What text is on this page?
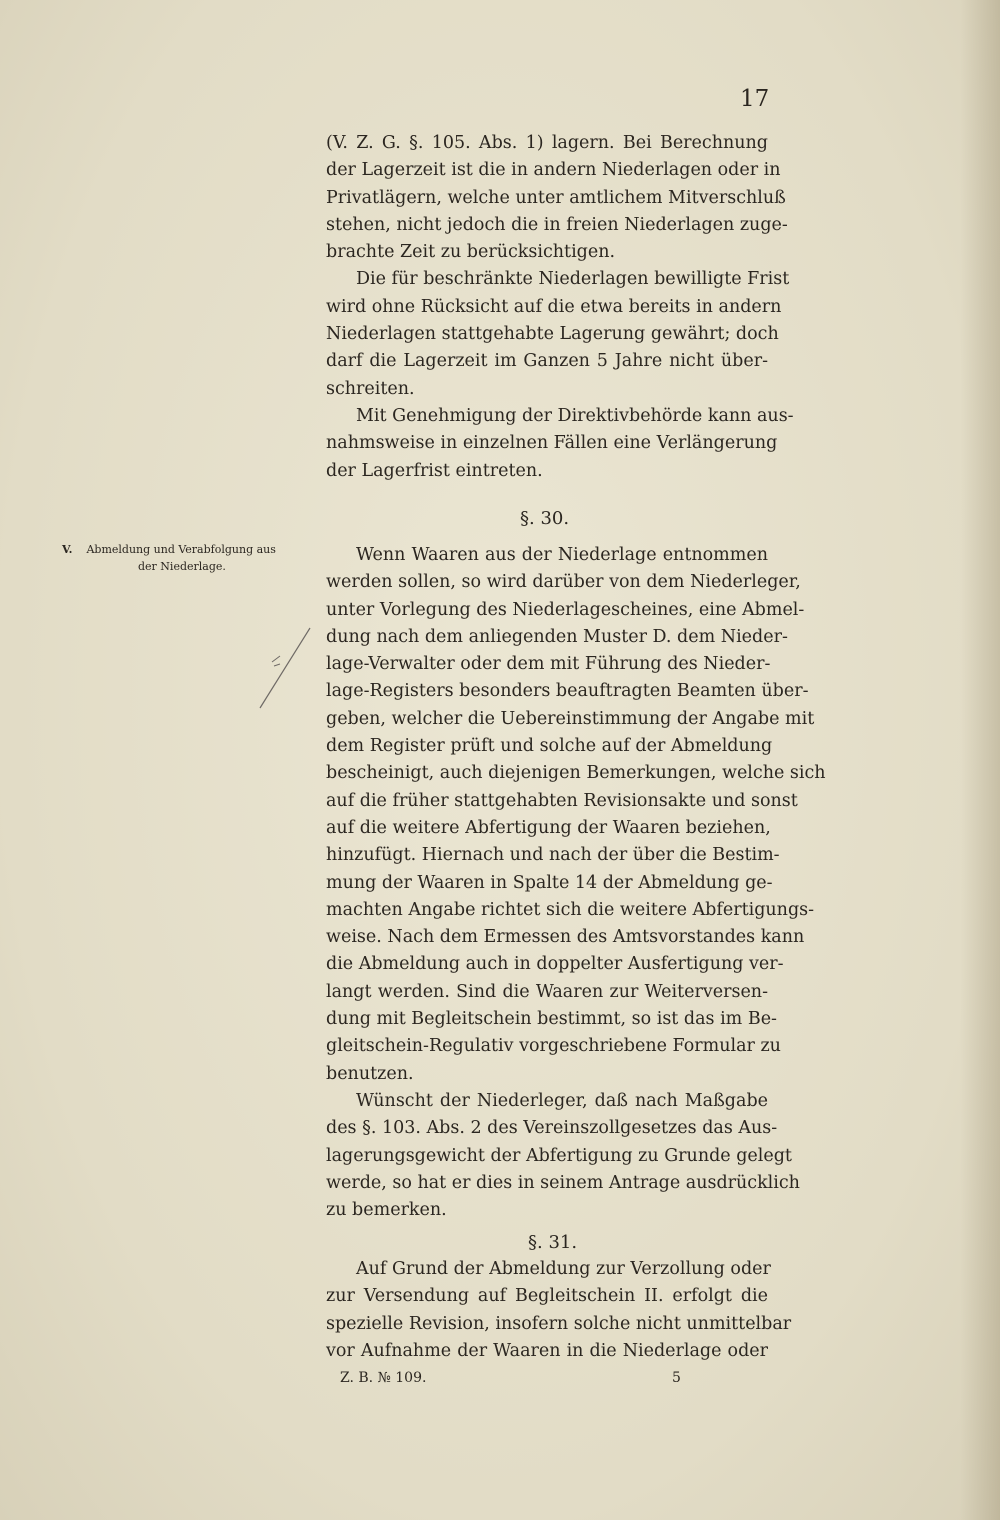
17
(V. Z. G. §. 105. Abs. 1) lagern. Bei Berechnung
der Lagerzeit ist die in andern Niederlagen oder in
Privatlägern, welche unter amtlichem Mitverschluß
stehen, nicht jedoch die in freien Niederlagen zuge-
brachte Zeit zu berücksichtigen.
Die für beschränkte Niederlagen bewilligte Frist
wird ohne Rücksicht auf die etwa bereits in andern
Niederlagen stattgehabte Lagerung gewährt; doch
darf die Lagerzeit im Ganzen 5 Jahre nicht über-
schreiten.
Mit Genehmigung der Direktivbehörde kann aus-
nahmsweise in einzelnen Fällen eine Verlängerung
der Lagerfrist eintreten.
§. 30.
V. Abmeldung und Verabfolgung aus
der Niederlage.
Wenn Waaren aus der Niederlage entnommen
werden sollen, so wird darüber von dem Niederleger,
unter Vorlegung des Niederlagescheines, eine Abmel-
dung nach dem anliegenden Muster D. dem Nieder-
lage-Verwalter oder dem mit Führung des Nieder-
lage-Registers besonders beauftragten Beamten über-
geben, welcher die Uebereinstimmung der Angabe mit
dem Register prüft und solche auf der Abmeldung
bescheinigt, auch diejenigen Bemerkungen, welche sich
auf die früher stattgehabten Revisionsakte und sonst
auf die weitere Abfertigung der Waaren beziehen,
hinzufügt. Hiernach und nach der über die Bestim-
mung der Waaren in Spalte 14 der Abmeldung ge-
machten Angabe richtet sich die weitere Abfertigungs-
weise. Nach dem Ermessen des Amtsvorstandes kann
die Abmeldung auch in doppelter Ausfertigung ver-
langt werden. Sind die Waaren zur Weiterversen-
dung mit Begleitschein bestimmt, so ist das im Be-
gleitschein-Regulativ vorgeschriebene Formular zu
benutzen.
Wünscht der Niederleger, daß nach Maßgabe
des §. 103. Abs. 2 des Vereinszollgesetzes das Aus-
lagerungsgewicht der Abfertigung zu Grunde gelegt
werde, so hat er dies in seinem Antrage ausdrücklich
zu bemerken.
§. 31.
Auf Grund der Abmeldung zur Verzollung oder
zur Versendung auf Begleitschein II. erfolgt die
spezielle Revision, insofern solche nicht unmittelbar
vor Aufnahme der Waaren in die Niederlage oder
Z. B. № 109.	5
